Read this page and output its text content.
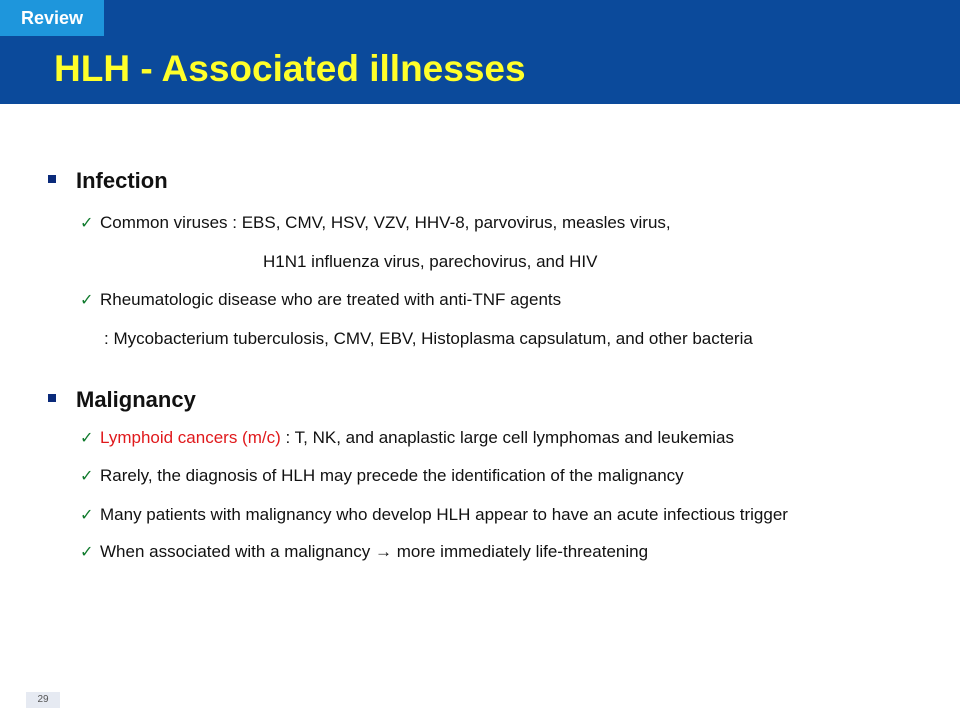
Review
HLH - Associated illnesses
Infection
✓ Common viruses : EBS, CMV, HSV, VZV, HHV-8, parvovirus, measles virus,
H1N1 influenza virus, parechovirus, and HIV
✓ Rheumatologic disease who are treated with anti-TNF agents
: Mycobacterium tuberculosis, CMV, EBV, Histoplasma capsulatum, and other bacteria
Malignancy
✓ Lymphoid cancers (m/c) : T, NK, and anaplastic large cell lymphomas and leukemias
✓ Rarely, the diagnosis of HLH may precede the identification of the malignancy
✓ Many patients with malignancy who develop HLH appear to have an acute infectious trigger
✓ When associated with a malignancy → more immediately life-threatening
29
